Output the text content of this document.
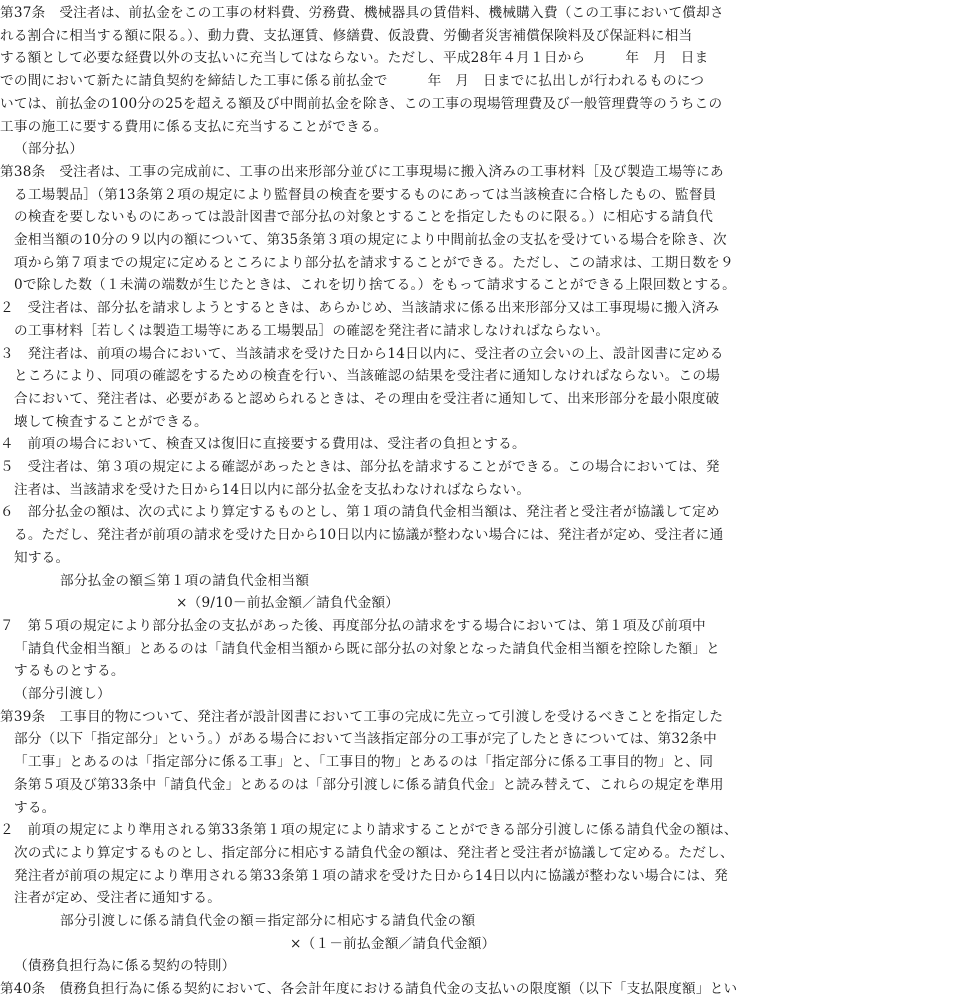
第37条　受注者は、前払金をこの工事の材料費、労務費、機械器具の賃借料、機械購入費（この工事において償却さ
れる割合に相当する額に限る。）、動力費、支払運賃、修繕費、仮設費、労働者災害補償保険料及び保証料に相当
する額として必要な経費以外の支払いに充当してはならない。ただし、平成28年４月１日から	年　月　日ま
での間において新たに請負契約を締結した工事に係る前払金で	年　月　日までに払出しが行われるものにつ
いては、前払金の100分の25を超える額及び中間前払金を除き、この工事の現場管理費及び一般管理費等のうちこの
工事の施工に要する費用に係る支払に充当することができる。
（部分払）
第38条　受注者は、工事の完成前に、工事の出来形部分並びに工事現場に搬入済みの工事材料［及び製造工場等にあ
る工場製品］（第13条第２項の規定により監督員の検査を要するものにあっては当該検査に合格したもの、監督員
の検査を要しないものにあっては設計図書で部分払の対象とすることを指定したものに限る。）に相応する請負代
金相当額の10分の９以内の額について、第35条第３項の規定により中間前払金の支払を受けている場合を除き、次
項から第７項までの規定に定めるところにより部分払を請求することができる。ただし、この請求は、工期日数を９
0で除した数（１未満の端数が生じたときは、これを切り捨てる。）をもって請求することができる上限回数とする。
２　受注者は、部分払を請求しようとするときは、あらかじめ、当該請求に係る出来形部分又は工事現場に搬入済み
の工事材料［若しくは製造工場等にある工場製品］の確認を発注者に請求しなければならない。
３　発注者は、前項の場合において、当該請求を受けた日から14日以内に、受注者の立会いの上、設計図書に定める
ところにより、同項の確認をするための検査を行い、当該確認の結果を受注者に通知しなければならない。この場
合において、発注者は、必要があると認められるときは、その理由を受注者に通知して、出来形部分を最小限度破
壊して検査することができる。
４　前項の場合において、検査又は復旧に直接要する費用は、受注者の負担とする。
５　受注者は、第３項の規定による確認があったときは、部分払を請求することができる。この場合においては、発
注者は、当該請求を受けた日から14日以内に部分払金を支払わなければならない。
６　部分払金の額は、次の式により算定するものとし、第１項の請負代金相当額は、発注者と受注者が協議して定め
る。ただし、発注者が前項の請求を受けた日から10日以内に協議が整わない場合には、発注者が定め、受注者に通
知する。
部分払金の額≦第１項の請負代金相当額
×（9/10－前払金額／請負代金額）
７　第５項の規定により部分払金の支払があった後、再度部分払の請求をする場合においては、第１項及び前項中
「請負代金相当額」とあるのは「請負代金相当額から既に部分払の対象となった請負代金相当額を控除した額」と
するものとする。
（部分引渡し）
第39条　工事目的物について、発注者が設計図書において工事の完成に先立って引渡しを受けるべきことを指定した
部分（以下「指定部分」という。）がある場合において当該指定部分の工事が完了したときについては、第32条中
「工事」とあるのは「指定部分に係る工事」と、「工事目的物」とあるのは「指定部分に係る工事目的物」と、同
条第５項及び第33条中「請負代金」とあるのは「部分引渡しに係る請負代金」と読み替えて、これらの規定を準用
する。
２　前項の規定により準用される第33条第１項の規定により請求することができる部分引渡しに係る請負代金の額は、
次の式により算定するものとし、指定部分に相応する請負代金の額は、発注者と受注者が協議して定める。ただし、
発注者が前項の規定により準用される第33条第１項の請求を受けた日から14日以内に協議が整わない場合には、発
注者が定め、受注者に通知する。
部分引渡しに係る請負代金の額＝指定部分に相応する請負代金の額
×（１－前払金額／請負代金額）
（債務負担行為に係る契約の特則）
第40条　債務負担行為に係る契約において、各会計年度における請負代金の支払いの限度額（以下「支払限度額」とい
